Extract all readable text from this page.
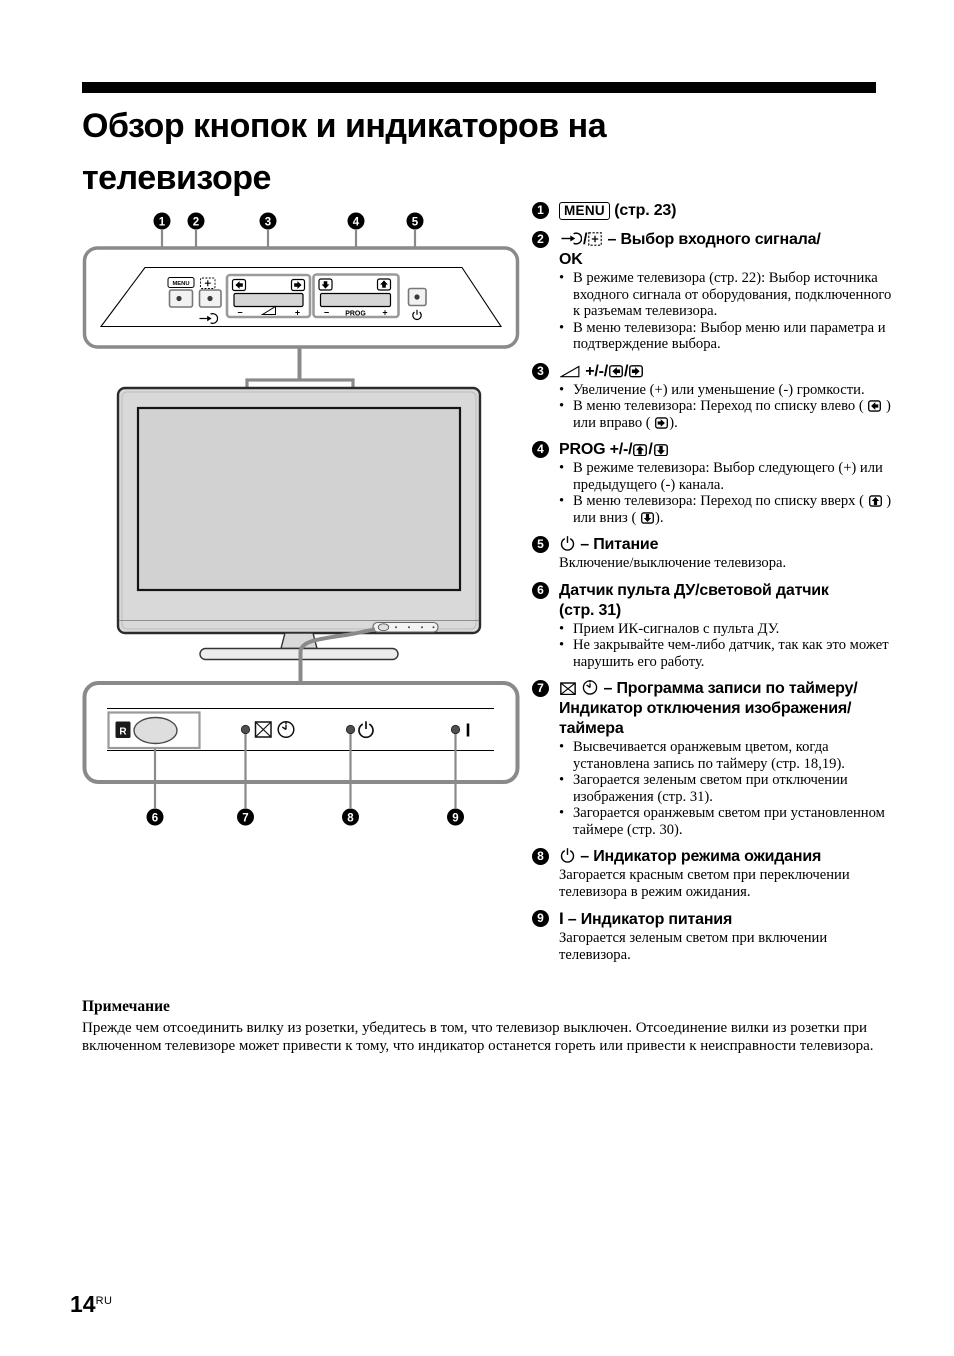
Обзор кнопок и индикаторов на
телевизоре
MENU
−	+	− PROG +
R	I
1 2	3	4	5
6	7	8	9
1	MENU (стр. 23)
2	/ – Выбор входного сигнала/
OK
• В режиме телевизора (стр. 22): Выбор источника входного сигнала от оборудования, подключенного к разъемам телевизора.
• В меню телевизора: Выбор меню или параметра и подтверждение выбора.
3	+/-/ /
• Увеличение (+) или уменьшение (-) громкости.
• В меню телевизора: Переход по списку влево ( ) или вправо ( ).
4 PROG +/-/ /
• В режиме телевизора: Выбор следующего (+) или предыдущего (-) канала.
• В меню телевизора: Переход по списку вверх ( ) или вниз ( ).
5	– Питание
Включение/выключение телевизора.
6 Датчик пульта ДУ/световой датчик
(стр. 31)
• Прием ИК-сигналов с пульта ДУ.
• Не закрывайте чем-либо датчик, так как это может нарушить его работу.
7	– Программа записи по таймеру/Индикатор отключения изображения/таймера
• Высвечивается оранжевым цветом, когда установлена запись по таймеру (стр. 18,19).
• Загорается зеленым светом при отключении изображения (стр. 31).
• Загорается оранжевым светом при установленном таймере (стр. 30).
8	– Индикатор режима ожидания
Загорается красным светом при переключении телевизора в режим ожидания.
9 I – Индикатор питания
Загорается зеленым светом при включении телевизора.
Примечание

Прежде чем отсоединить вилку из розетки, убедитесь в том, что телевизор выключен. Отсоединение вилки из розетки при включенном телевизоре может привести к тому, что индикатор останется гореть или привести к неисправности телевизора.

$14^{RU}$
